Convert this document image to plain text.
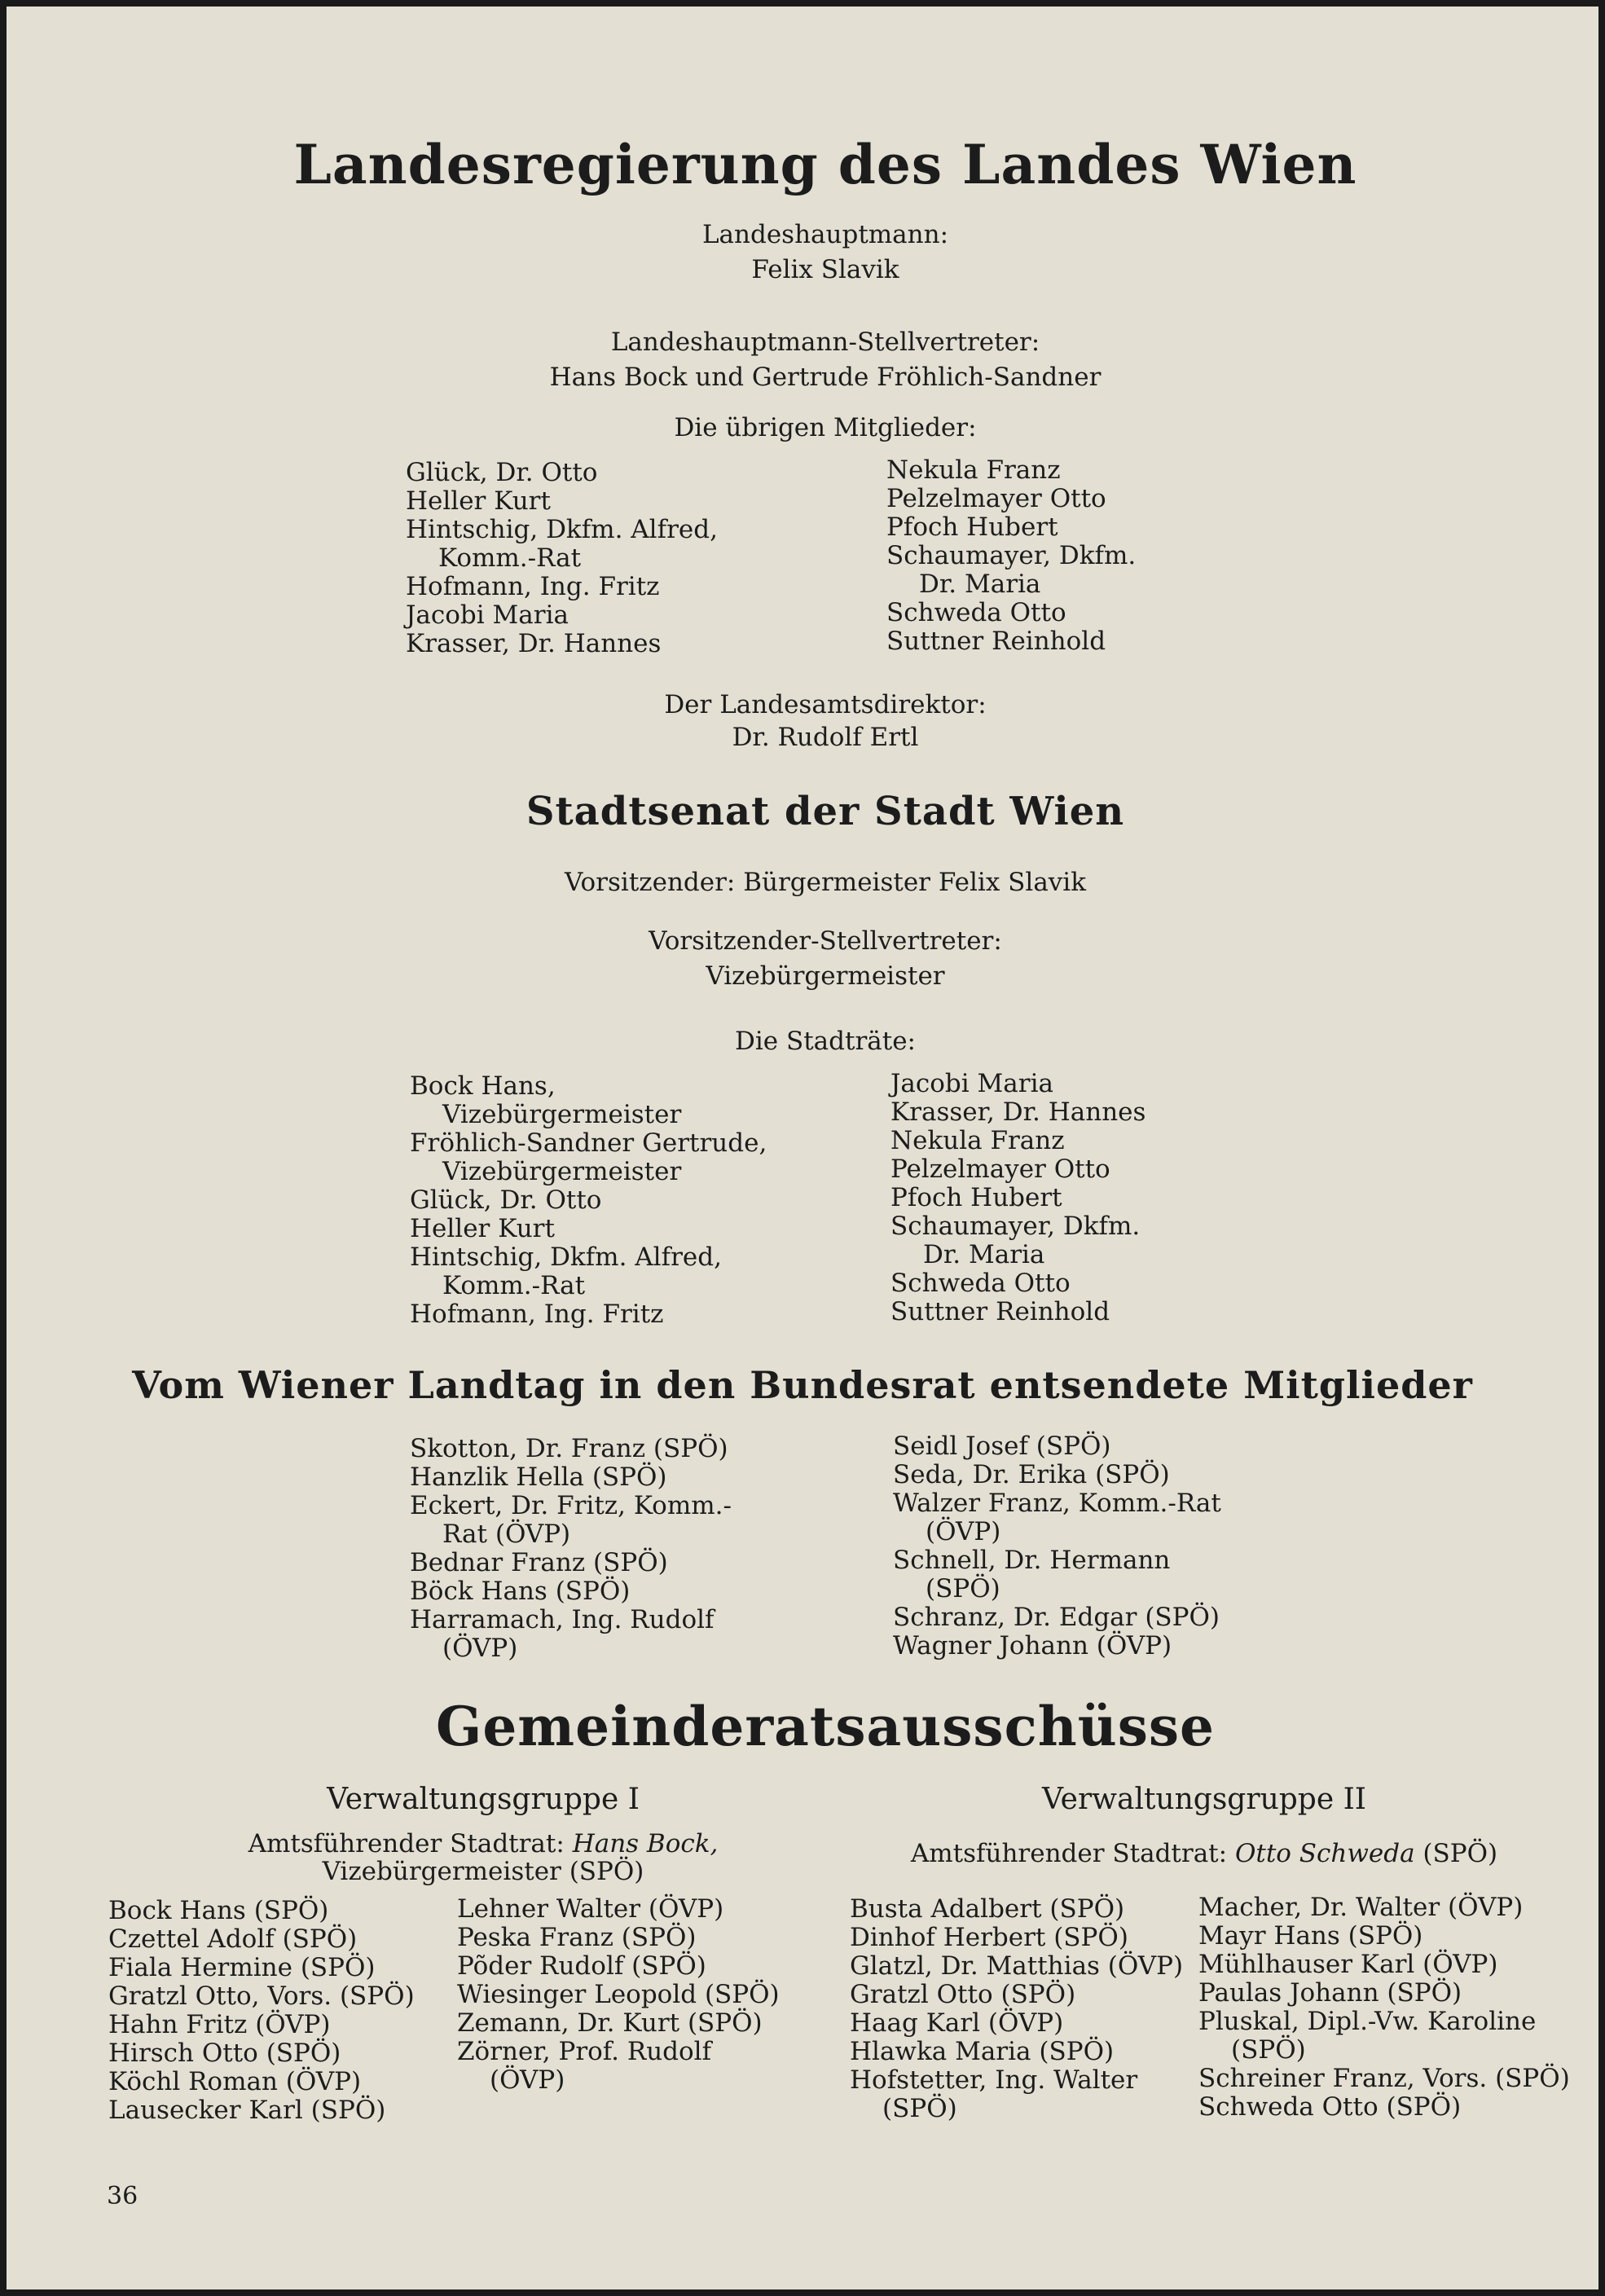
Landesregierung des Landes Wien
Landeshauptmann:
Felix Slavik
Landeshauptmann-Stellvertreter:
Hans Bock und Gertrude Fröhlich-Sandner
Die übrigen Mitglieder:
Glück, Dr. Otto
Heller Kurt
Hintschig, Dkfm. Alfred,
Komm.-Rat
Hofmann, Ing. Fritz
Jacobi Maria
Krasser, Dr. Hannes
Nekula Franz
Pelzelmayer Otto
Pfoch Hubert
Schaumayer, Dkfm.
Dr. Maria
Schweda Otto
Suttner Reinhold
Der Landesamtsdirektor:
Dr. Rudolf Ertl
Stadtsenat der Stadt Wien
Vorsitzender: Bürgermeister Felix Slavik
Vorsitzender-Stellvertreter:
Vizebürgermeister
Die Stadträte:
Bock Hans,
Vizebürgermeister
Fröhlich-Sandner Gertrude,
Vizebürgermeister
Glück, Dr. Otto
Heller Kurt
Hintschig, Dkfm. Alfred,
Komm.-Rat
Hofmann, Ing. Fritz
Jacobi Maria
Krasser, Dr. Hannes
Nekula Franz
Pelzelmayer Otto
Pfoch Hubert
Schaumayer, Dkfm.
Dr. Maria
Schweda Otto
Suttner Reinhold
Vom Wiener Landtag in den Bundesrat entsendete Mitglieder
Skotton, Dr. Franz (SPÖ)
Hanzlik Hella (SPÖ)
Eckert, Dr. Fritz, Komm.-
Rat (ÖVP)
Bednar Franz (SPÖ)
Böck Hans (SPÖ)
Harramach, Ing. Rudolf
(ÖVP)
Seidl Josef (SPÖ)
Seda, Dr. Erika (SPÖ)
Walzer Franz, Komm.-Rat
(ÖVP)
Schnell, Dr. Hermann
(SPÖ)
Schranz, Dr. Edgar (SPÖ)
Wagner Johann (ÖVP)
Gemeinderatsausschüsse
Verwaltungsgruppe I
Amtsführender Stadtrat: Hans Bock,
Vizebürgermeister (SPÖ)
Bock Hans (SPÖ)
Czettel Adolf (SPÖ)
Fiala Hermine (SPÖ)
Gratzl Otto, Vors. (SPÖ)
Hahn Fritz (ÖVP)
Hirsch Otto (SPÖ)
Köchl Roman (ÖVP)
Lausecker Karl (SPÖ)
Lehner Walter (ÖVP)
Peska Franz (SPÖ)
Põder Rudolf (SPÖ)
Wiesinger Leopold (SPÖ)
Zemann, Dr. Kurt (SPÖ)
Zörner, Prof. Rudolf
(ÖVP)
Verwaltungsgruppe II
Amtsführender Stadtrat: Otto Schweda (SPÖ)
Busta Adalbert (SPÖ)
Dinhof Herbert (SPÖ)
Glatzl, Dr. Matthias (ÖVP)
Gratzl Otto (SPÖ)
Haag Karl (ÖVP)
Hlawka Maria (SPÖ)
Hofstetter, Ing. Walter
(SPÖ)
Macher, Dr. Walter (ÖVP)
Mayr Hans (SPÖ)
Mühlhauser Karl (ÖVP)
Paulas Johann (SPÖ)
Pluskal, Dipl.-Vw. Karoline
(SPÖ)
Schreiner Franz, Vors. (SPÖ)
Schweda Otto (SPÖ)
36
